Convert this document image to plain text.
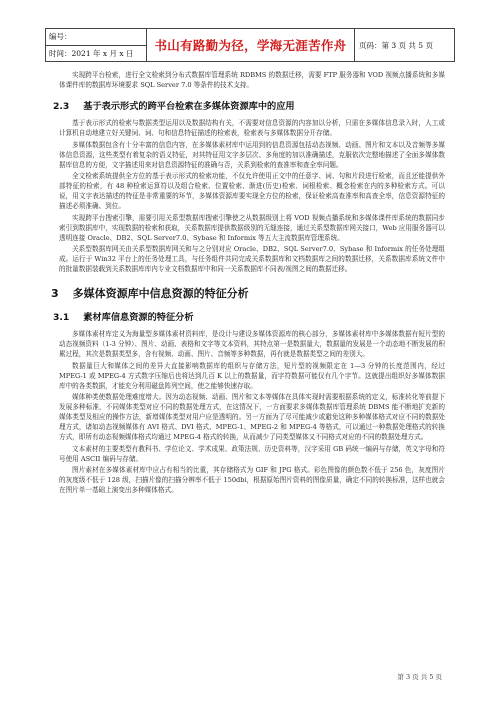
编号：
时间：2021 年 x 月 x 日
书山有路勤为径，学海无涯苦作舟	页码：第 3 页 共 5 页

实现跨平台检索，进行全文检索到分布式数据库管理系统 RDBMS 的数据迁移，需要 FTP 服务器和 VOD 视频点播系统和多媒体课件库的数据库环境要求 SQL Server 7.0 等条件的技术支持。

2.3 基于表示形式的跨平台检索在多媒体资源库中的应用

基于表示形式的检索与数据类型运用以及数据结构有关，不需要对信息资源的内容加以分析，只需在多媒体信息录入时，人工或计算机自动地建立好关键词、词、句和信息特征描述的检索表，检索表与多媒体数据分开存储。

多媒体数据包含有十分丰富的信息内容，在多媒体素材库中运用到的信息资源包括动态视频、动画、图片和文本以及音频等多媒体信息资源，这些类型有着复杂的语义特征，对其特征用文字多层次、多角度的加以准确描述，克服依次完整地描述了全面多媒体数据库信息的方便，文字描述用来对信息资源特征的准确与否，关系到检索的查准率和查全率问题。

全文检索系统提供全方位的基于表示形式的检索功能，不仅允许使用正文中的任意字、词、句和片段进行检索，而且还能提供外部特征的检索，有 48 种检索运算符以及组合检索、位置检索、渐进(历史)检索、词根检索、概念检索在内的多种检索方式。可以说，用文字表达描述的特征是非常重要的环节，多媒体资源库要实现全方位的检索，保证检索高查准率和高查全率，信息资源特征的描述必须准确、到位。

实现跨平台搜索引擎，需要引用关系型数据库搜索引擎使之从数据级别上将 VOD 视频点播系统和多媒体课件库系统的数据同步索引到数据库中，实现数据的检索和获取，关系数据库提供数据级别的无缝连接，通过关系型数据库网关接口，Web 应用服务器可以透明连接 Oracle、DB2、SQL Server7.0、Sybase 和 Informix 等五大主流数据库管理系统。

关系型数据库网关由关系型数据库网关和与之分别对应 Oracle、DB2、SQL Server7.0、Sybase 和 Informix 的任务处理组成。运行于 Win32 平台上的任务处理工具，与任务组件共同完成关系数据库和文档数据库之间的数据迁移，关系数据库系统文件中的批量数据装载到关系数据库库内专业文档数据库中和同一关系数据库不同表/视图之间的数据迁移。

3 多媒体资源库中信息资源的特征分析
3.1 素材库信息资源的特征分析

多媒体素材库定义为海量型多媒体素材资料库，是设计与建设多媒体资源库的核心部分，多媒体素材库中多媒体数据有短片型的动态视频资料（1-3 分钟）、图片、动画、表格和文字等文本资料，其特点第一是数据量大，数据量的发展是一个动态地不断发展的积累过程，其次是数据类型多，含有视频、动画、图片、音频等多种数据，再有就是数据类型之间的差别大。

数据量巨大和媒体之间的差异大直接影响数据库的组织与存储方法，短片型的视频限定在 1—3 分钟的长度范围内，经过 MPEG-1 或 MPEG-4 方式数字压缩后也将达到几百 K 以上的数据量，而字符数据可能仅有几个字节。这就提出组织好多媒体数据库中的各类数据，才能充分利用磁盘阵列空间，使之能够快速存取。

媒体种类使数据处理难度增大。因为动态视频、动画、图片和文本等媒体在具体实现时需要根据系统的定义，标准转化等前提下发展多种标准，不同媒体类型对应不同的数据处理方式，在这情况下，一方面要求多媒体数据库管理系统 DBMS 能不断地扩充新的媒体类型及相应的操作方法，新增媒体类型对用户应是透明的。另一方面为了尽可能减少或避免这种多种媒体格式对应不同的数据处理方式，诸如动态视频媒体有 AVI 格式、DVI 格式、MPEG-1、MPEG-2 和 MPEG-4 等格式，可以通过一种数据处理格式的转换方式，即所有动态视频媒体格式均通过 MPEG-4 格式的转换，从而减少了同类型媒体又不同格式对应的不同的数据处理方式。

文本素材的主要类型有教科书、学位论文、学术成果、政策法规、历史资料等，汉字采用 GB 码统一编码与存储，英文字母和符号使用 ASCII 编码与存储。

图片素材在多媒体素材库中应占有相当的比重，其存储格式为 GIF 和 JPG 格式。彩色图像的颜色数不低于 256 色，灰度图片的灰度级不低于 128 级，扫描片像的扫描分辨率不低于 150dbi，根据原始图片资料的图像质量，确定不同的转换标准，这样也就会在图片单一基础上演变出多种媒体格式。

第 3 页 共 5 页
